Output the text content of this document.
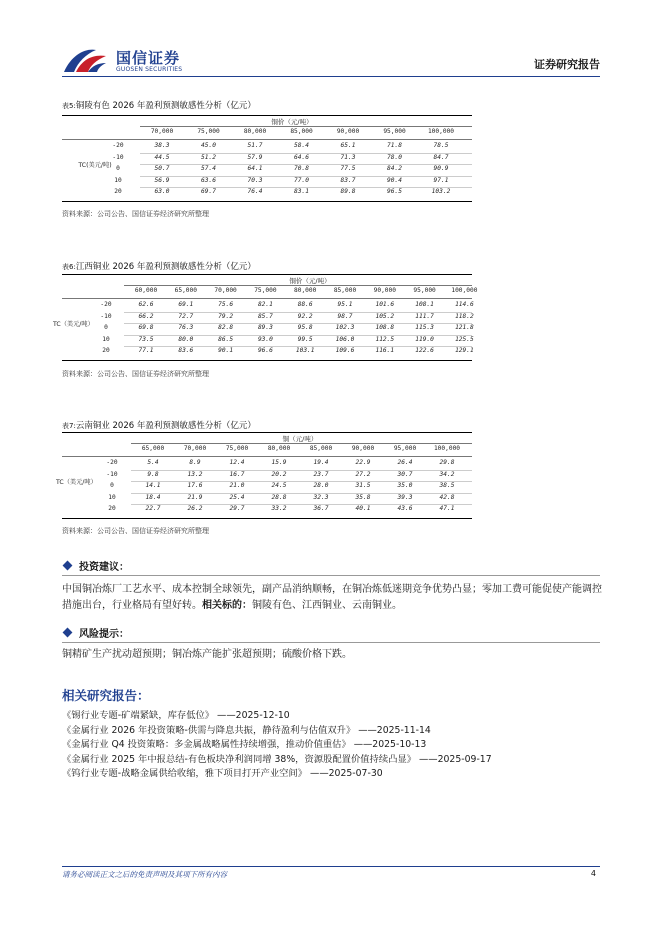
国信证券
GUOSEN SECURITIES	证券研究报告
表5:铜陵有色 2026 年盈利预测敏感性分析（亿元）
铜价（元/吨）
70,000	75,000	80,000	85,000	90,000	95,000	100,000
TC(美元/吨)
-20	38.3	45.0	51.7	58.4	65.1	71.8	78.5
-10	44.5	51.2	57.9	64.6	71.3	78.0	84.7
0	50.7	57.4	64.1	70.8	77.5	84.2	90.9
10	56.9	63.6	70.3	77.0	83.7	90.4	97.1
20	63.0	69.7	76.4	83.1	89.8	96.5	103.2
资料来源：公司公告、国信证券经济研究所整理
表6:江西铜业 2026 年盈利预测敏感性分析（亿元）
铜价（元/吨）
60,000	65,000	70,000	75,000	80,000	85,000	90,000	95,000	100,000
TC（美元/吨）
-20	62.6	69.1	75.6	82.1	88.6	95.1	101.6	108.1	114.6
-10	66.2	72.7	79.2	85.7	92.2	98.7	105.2	111.7	118.2
0	69.8	76.3	82.8	89.3	95.8	102.3	108.8	115.3	121.8
10	73.5	80.0	86.5	93.0	99.5	106.0	112.5	119.0	125.5
20	77.1	83.6	90.1	96.6	103.1	109.6	116.1	122.6	129.1
资料来源：公司公告、国信证券经济研究所整理
表7:云南铜业 2026 年盈利预测敏感性分析（亿元）
铜（元/吨）
65,000	70,000	75,000	80,000	85,000	90,000	95,000	100,000
TC（美元/吨）
-20	5.4	8.9	12.4	15.9	19.4	22.9	26.4	29.8
-10	9.8	13.2	16.7	20.2	23.7	27.2	30.7	34.2
0	14.1	17.6	21.0	24.5	28.0	31.5	35.0	38.5
10	18.4	21.9	25.4	28.8	32.3	35.8	39.3	42.8
20	22.7	26.2	29.7	33.2	36.7	40.1	43.6	47.1
资料来源：公司公告、国信证券经济研究所整理
投资建议：
中国铜冶炼厂工艺水平、成本控制全球领先，副产品消纳顺畅，在铜冶炼低迷期竞争优势凸显；零加工费可能促使产能调控措施出台，行业格局有望好转。相关标的：铜陵有色、江西铜业、云南铜业。
风险提示：
铜精矿生产扰动超预期；铜冶炼产能扩张超预期；硫酸价格下跌。
相关研究报告：
《锡行业专题-矿端紧缺，库存低位》 ——2025-12-10
《金属行业 2026 年投资策略-供需与降息共振，静待盈利与估值双升》 ——2025-11-14
《金属行业 Q4 投资策略：多金属战略属性持续增强，推动价值重估》 ——2025-10-13
《金属行业 2025 年中报总结-有色板块净利润同增 38%，资源股配置价值持续凸显》 ——2025-09-17
《钨行业专题-战略金属供给收缩，雅下项目打开产业空间》 ——2025-07-30
请务必阅读正文之后的免责声明及其项下所有内容	4
